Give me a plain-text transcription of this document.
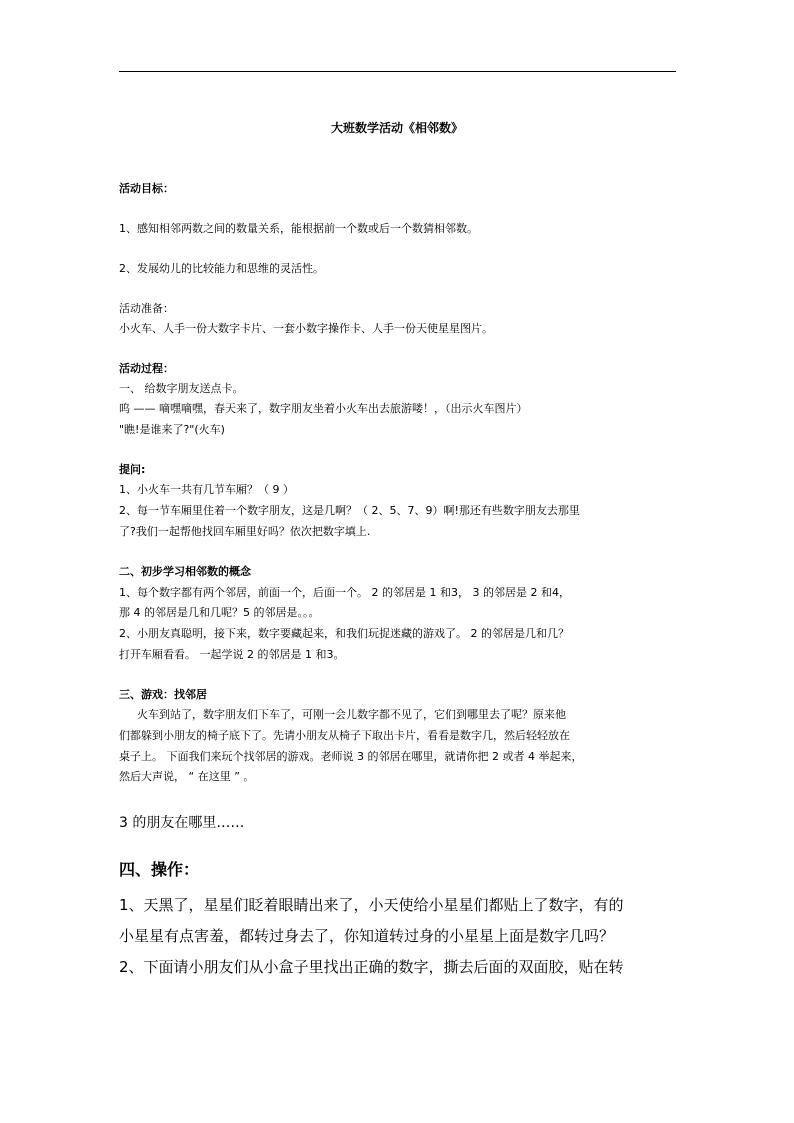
大班数学活动《相邻数》
活动目标：
1、感知相邻两数之间的数量关系，能根据前一个数或后一个数猜相邻数。
2、发展幼儿的比较能力和思维的灵活性。
活动准备：
小火车、人手一份大数字卡片、一套小数字操作卡、人手一份天使星星图片。
活动过程：
一、 给数字朋友送点卡。
呜 —— 嘀嘿嘀嘿，春天来了，数字朋友坐着小火车出去旅游喽！，（出示火车图片）
"瞧!是谁来了?"(火车)
提问:
1、小火车一共有几节车厢？（ 9 ）
2、每一节车厢里住着一个数字朋友，这是几啊？（ 2、5、7、9）啊!那还有些数字朋友去那里
了?我们一起帮他找回车厢里好吗？依次把数字填上.
二、初步学习相邻数的概念
1、每个数字都有两个邻居，前面一个，后面一个。 2 的邻居是 1 和3， 3 的邻居是 2 和4，
那 4 的邻居是几和几呢？5 的邻居是。。。
2、小朋友真聪明，接下来，数字要藏起来，和我们玩捉迷藏的游戏了。 2 的邻居是几和几？
打开车厢看看。 一起学说 2 的邻居是 1 和3。
三、游戏：找邻居
火车到站了，数字朋友们下车了，可刚一会儿数字都不见了，它们到哪里去了呢？原来他
们都躲到小朋友的椅子底下了。先请小朋友从椅子下取出卡片，看看是数字几，然后轻轻放在
桌子上。 下面我们来玩个找邻居的游戏。老师说 3 的邻居在哪里，就请你把 2 或者 4 举起来，
然后大声说， “ 在这里 ” 。
3 的朋友在哪里……
四、操作：
1、天黑了，星星们眨着眼睛出来了，小天使给小星星们都贴上了数字，有的
小星星有点害羞，都转过身去了，你知道转过身的小星星上面是数字几吗？
2、下面请小朋友们从小盒子里找出正确的数字，撕去后面的双面胶，贴在转
